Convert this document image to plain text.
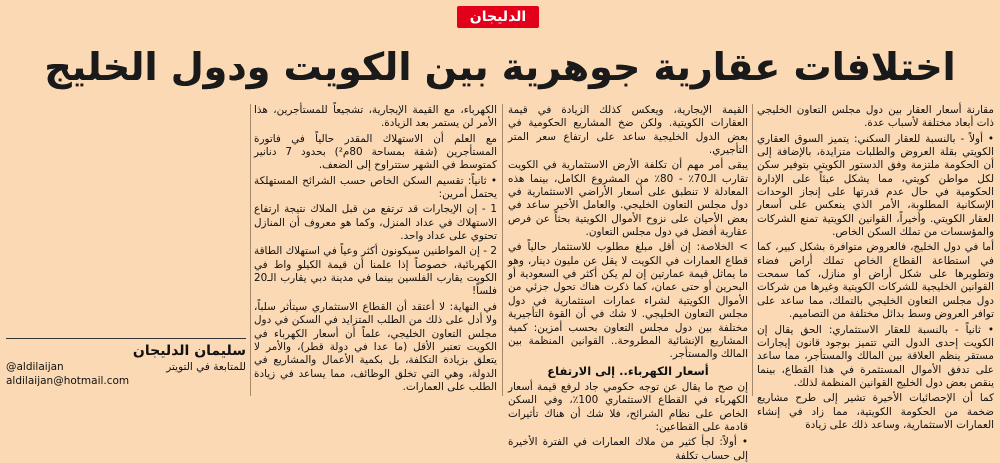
الدليجان
اختلافات عقارية جوهرية بين الكويت ودول الخليج

مقارنة أسعار العقار بين دول مجلس التعاون الخليجي ذات أبعاد مختلفة لأسباب عدة.

• أولاً - بالنسبة للعقار السكني: يتميز السوق العقاري الكويتي بقلة العروض والطلبات متزايدة، بالإضافة إلى أن الحكومة ملتزمة وفق الدستور الكويتي بتوفير سكن لكل مواطن كويتي، مما يشكل عبئاً على الإدارة الحكومية في حال عدم قدرتها على إنجاز الوحدات الإسكانية المطلوبة، الأمر الذي ينعكس على أسعار العقار الكويتي. وأخيراً، القوانين الكويتية تمنع الشركات والمؤسسات من تملك السكن الخاص.

أما في دول الخليج، فالعروض متوافرة بشكل كبير، كما في استطاعة القطاع الخاص تملك أراض فضاء وتطويرها على شكل أراض أو منازل، كما سمحت القوانين الخليجية للشركات الكويتية وغيرها من شركات دول مجلس التعاون الخليجي بالتملك، مما ساعد على توافر العروض وسط بدائل مختلفة من التصاميم.

• ثانياً - بالنسبة للعقار الاستثماري: الحق يقال إن الكويت إحدى الدول التي تتميز بوجود قانون إيجارات مستقر ينظم العلاقة بين المالك والمستأجر، مما ساعد على تدفق الأموال المستثمرة في هذا القطاع، بينما ينقص بعض دول الخليج القوانين المنظمة لذلك.

كما أن الإحصائيات الأخيرة تشير إلى طرح مشاريع ضخمة من الحكومة الكويتية، مما زاد في إنشاء العمارات الاستثمارية، وساعد ذلك على زيادة

القيمة الإيجارية، ويعكس كذلك الزيادة في قيمة العقارات الكويتية. ولكن ضخ المشاريع الحكومية في بعض الدول الخليجية ساعد على ارتفاع سعر المتر التأجيري.

يبقى أمر مهم أن تكلفة الأرض الاستثمارية في الكويت تقارب الـ70٪ - 80٪ من المشروع الكامل، بينما هذه المعادلة لا تنطبق على أسعار الأراضي الاستثمارية في دول مجلس التعاون الخليجي. والعامل الأخير ساعد في بعض الأحيان على نزوح الأموال الكويتية بحثاً عن فرص عقارية أفضل في دول مجلس التعاون.

> الخلاصة: إن أقل مبلغ مطلوب للاستثمار حالياً في قطاع العمارات في الكويت لا يقل عن مليون دينار، وهو ما يماثل قيمة عمارتين إن لم يكن أكثر في السعودية أو البحرين أو حتى عمان، كما ذكرت هناك تحول جزئي من الأموال الكويتية لشراء عمارات استثمارية في دول مجلس التعاون الخليجي. لا شك في أن القوة التأجيرية مختلفة بين دول مجلس التعاون بحسب أمزين: كمية المشاريع الإنشائية المطروحة.. القوانين المنظمة بين المالك والمستأجر.

أسعار الكهرباء.. إلى الارتفاع

إن صح ما يقال عن توجه حكومي جاد لرفع قيمة أسعار الكهرباء في القطاع الاستثماري 100٪، وفي السكن الخاص على نظام الشرائح، فلا شك أن هناك تأثيرات قادمة على القطاعين:

• أولاً: لجأ كثير من ملاك العمارات في الفترة الأخيرة إلى حساب تكلفة

الكهرباء، مع القيمة الإيجارية، تشجيعاً للمستأجرين، هذا الأمر لن يستمر بعد الزيادة.

مع العلم أن الاستهلاك المقدر حالياً في فاتورة المستأجرين (شقة بمساحة 80م²) بحدود 7 دنانير كمتوسط في الشهر ستتراوح إلى الضعف.

• ثانياً: تقسيم السكن الخاص حسب الشرائح المستهلكة يحتمل أمرين:

1 - إن الإيجارات قد ترتفع من قبل الملاك نتيجة ارتفاع الاستهلاك في عداد المنزل، وكما هو معروف أن المنازل تحتوي على عداد واحد.

2 - إن المواطنين سيكونون أكثر وعياً في استهلاك الطاقة الكهربائية، خصوصاً إذا علمنا أن قيمة الكيلو واط في الكويت يقارب الفلسين بينما في مدينة دبي يقارب الـ20 فلساً!

في النهاية: لا أعتقد أن القطاع الاستثماري سيتأثر سلباً، ولا أدل على ذلك من الطلب المتزايد في السكن في دول مجلس التعاون الخليجي، علماً أن أسعار الكهرباء في الكويت تعتبر الأقل (ما عدا في دولة قطر)، والأمر لا يتعلق بزيادة التكلفة، بل بكمية الأعمال والمشاريع في الدولة، وهي التي تخلق الوظائف، مما يساعد في زيادة الطلب على العمارات.

سليمان الدليجان
للمتابعة في التويتر
@aldilaijan
aldilaijan@hotmail.com
